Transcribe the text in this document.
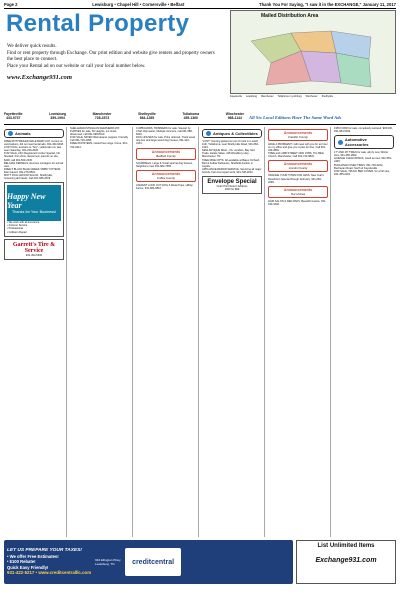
Page 2	Lewisburg • Chapel Hill • Cornersville • Belfast	Thank You For Saying, "I saw it in the EXCHANGE," January 11, 2017
Rental Property

We deliver quick results.

Find or rent property through Exchange. Our print edition and website give renters and property owners the best place to connect.

Place your Rental ad on our website or call your local number below.

www.Exchange931.com
Mailed Distribution Area
Fayetteville Lewisburg Manchester Tullahoma / Lynchburg Winchester Shelbyville
Fayetteville
433-9737
Lewisburg
359-1994
Manchester
728-3573
Shelbyville
684-1285
Tullahoma
455-1360
Winchester
968-1144	All Six Local Editions Have The Same Word Ads
Animals

FREE ROTTWEILER MALE BARN CAT, current on vaccinations, did not read rental ads, 931-434-9018.

LOST DOG, answers to "boy", yellow lab mix, last seen Saturday, 931-229-2026.

FOR SALE, AKC Registered Cocker Spaniel, full blooded, first shots, dewormed, parents on site, $400, call 931-563-2345.

BELGIAN KENNELS, Remove contagion for animal care.

FREE 5 BLACK BLUE GREEK TABBY KITTENS, litter trained, 931-276-8501.

MOTT DOG GROOM SALON, Shelbyville, Grooming all breeds, Call 931-686-2009.

Happy New Year
Thanks for Your Business!

• We work with all insurance

• 24-Hour Service

• Professional

• Collision Repair

Garrett's Tire & Service

931-394-5300

SHELLER/AUSTRALIAN SHEPHERD MIX PUPPIES for sale, Kit Heights, 1st shots, dewormed, call 931-698-8010.

FOR SALE, MIXED Weimaraner puppies, Friendly, Call 931-703-1955.

FREE ROOSTERS, raised free range, home, 931-703-0412.

CUPBOARDS, TRIMMERS for sale, Stewart by Chief Clipmaster, Multiple trimmers, call 931-588-8416.

DOG HOUSES for sale, Price reduced, Track wood dog box and large wood dog houses, 931-422-3131.

Announcements
Bedford County

SQUIRRELS, Large & Small squirrel dog houses, Neighbors must 931-684-7655.

Announcements
Coffee County

ANCIENT LOOK OUT DOG 6 Week Pups, Hilltop Farms, 931-684-6810.

Antiques & Collectibles

"LOST" Hunting jacket lost out of truck on Lowell 11th, Tullahoma, near Shelbyville Road, 931-684-3124.

NEW ANTIQUE MALL, 72+ vendors, Bay Sell, Trade, Estate Sales, 418 Woodbury Hwy., Manchester, TN.

TREE RIDE OPTS, All available at Bates Orchard, Bed & Fellow Deliveries, Sheffield Auction in Argolis.

APPLIANCE REPAIR SERVICE, Servicing all major brands, Fair-cost repair work, 931-728-0013.

Envelope Special

Color Print Return Address

1000 for $99

Announcements
Franklin County

HAVE A PROBLEM? I will meet with you for an hour on my office and give you a plan for free. Call 931-433-2881.

TREE and LIMB STREET ODD JOBS, The Bible Church, Manchester, Call 931-723-9822.

Announcements
Lincoln County

ORANGE YOUR TOWN FOR LESS, New Year's Resolution Special through February, 931-684-2099.

Announcements
Out of Area

HAIR SALON & RED PAKS, Beautiful Lawns, 931-433-1000.

1956 FORD for sale, completely restored, $45,000, 931-684-5032.

Automotive Accessories

17" AND 18" TIRES for sale, all ply new, Winter tires, 931-455-1802.

GARAGE CLEAN RINGS, Good as new, 931-563-4445.

BUCHANAN USED TIRES, 931-703-2222, Buchanan Road, North of Fayetteville.

FOR SALE, TRUCK BED COVER, for a full size, 931-455-2201.

LET US PREPARE YOUR TAXES!
• We offer Free Estimates!
• $100 Rebate!
Quick Easy Friendly!
931-422-5217 • www.creditcentralllc.com
934 Ellington Pkwy.
Lewisburg, TN	creditcentral
List Unlimited Items
Exchange931.com
